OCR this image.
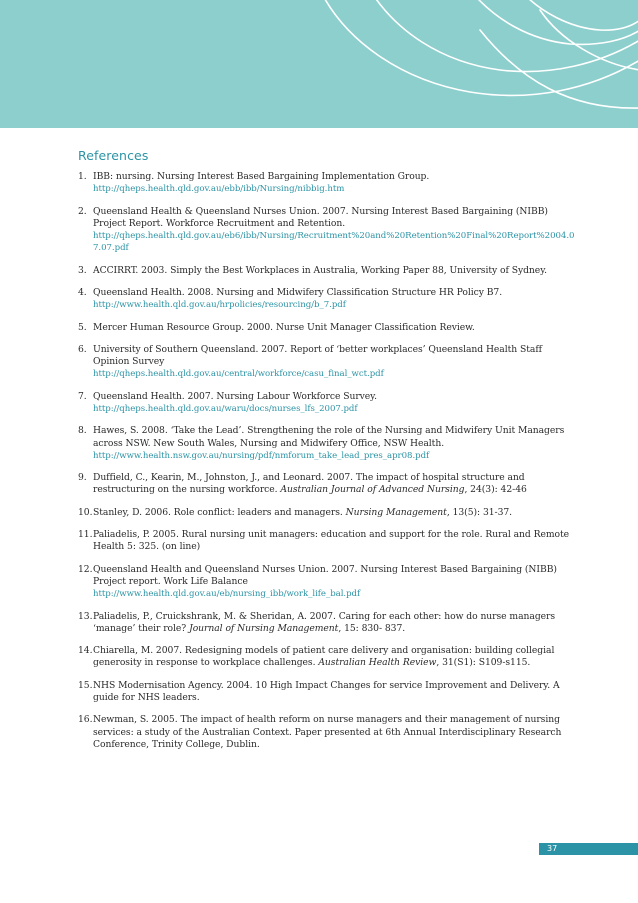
References
1. IBB: nursing. Nursing Interest Based Bargaining Implementation Group.
http://qheps.health.qld.gov.au/ebb/ibb/Nursing/nibbig.htm
2. Queensland Health & Queensland Nurses Union. 2007. Nursing Interest Based Bargaining (NIBB) Project Report. Workforce Recruitment and Retention.
http://qheps.health.qld.gov.au/eb6/ibb/Nursing/Recruitment%20and%20Retention%20Final%20Report%2004.07.07.pdf
3. ACCIRRT. 2003. Simply the Best Workplaces in Australia, Working Paper 88, University of Sydney.
4. Queensland Health. 2008. Nursing and Midwifery Classification Structure HR Policy B7.
http://www.health.qld.gov.au/hrpolicies/resourcing/b_7.pdf
5. Mercer Human Resource Group. 2000. Nurse Unit Manager Classification Review.
6. University of Southern Queensland. 2007. Report of ‘better workplaces’ Queensland Health Staff Opinion Survey
http://qheps.health.qld.gov.au/central/workforce/casu_final_wct.pdf
7. Queensland Health. 2007. Nursing Labour Workforce Survey.
http://qheps.health.qld.gov.au/waru/docs/nurses_lfs_2007.pdf
8. Hawes, S. 2008. ‘Take the Lead’. Strengthening the role of the Nursing and Midwifery Unit Managers across NSW. New South Wales, Nursing and Midwifery Office, NSW Health.
http://www.health.nsw.gov.au/nursing/pdf/nmforum_take_lead_pres_apr08.pdf
9. Duffield, C., Kearin, M., Johnston, J., and Leonard. 2007. The impact of hospital structure and restructuring on the nursing workforce. Australian Journal of Advanced Nursing, 24(3): 42-46
10. Stanley, D. 2006. Role conflict: leaders and managers. Nursing Management, 13(5): 31-37.
11. Paliadelis, P. 2005. Rural nursing unit managers: education and support for the role. Rural and Remote Health 5: 325. (on line)
12. Queensland Health and Queensland Nurses Union. 2007. Nursing Interest Based Bargaining (NIBB) Project report. Work Life Balance
http://www.health.qld.gov.au/eb/nursing_ibb/work_life_bal.pdf
13. Paliadelis, P., Cruickshrank, M. & Sheridan, A. 2007. Caring for each other: how do nurse managers ‘manage’ their role? Journal of Nursing Management, 15: 830- 837.
14. Chiarella, M. 2007. Redesigning models of patient care delivery and organisation: building collegial generosity in response to workplace challenges. Australian Health Review, 31(S1): S109-s115.
15. NHS Modernisation Agency. 2004. 10 High Impact Changes for service Improvement and Delivery. A guide for NHS leaders.
16. Newman, S. 2005. The impact of health reform on nurse managers and their management of nursing services: a study of the Australian Context. Paper presented at 6th Annual Interdisciplinary Research Conference, Trinity College, Dublin.
37
